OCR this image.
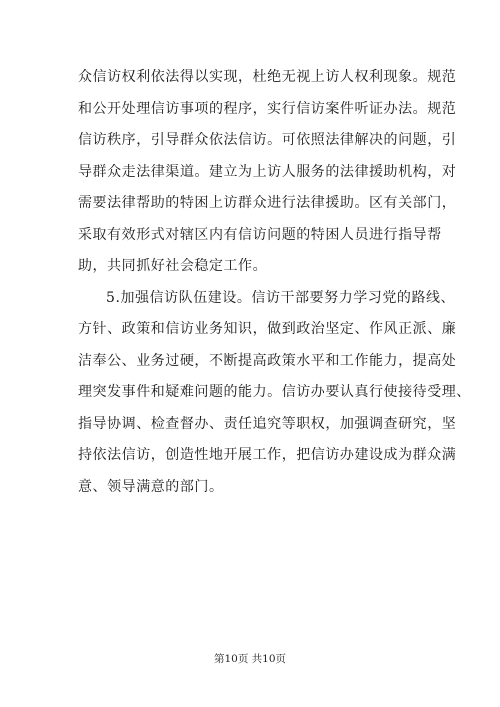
众信访权利依法得以实现，杜绝无视上访人权利现象。规范
和公开处理信访事项的程序，实行信访案件听证办法。规范
信访秩序，引导群众依法信访。可依照法律解决的问题，引
导群众走法律渠道。建立为上访人服务的法律援助机构，对
需要法律帮助的特困上访群众进行法律援助。区有关部门，
采取有效形式对辖区内有信访问题的特困人员进行指导帮
助，共同抓好社会稳定工作。
5.加强信访队伍建设。信访干部要努力学习党的路线、
方针、政策和信访业务知识，做到政治坚定、作风正派、廉
洁奉公、业务过硬，不断提高政策水平和工作能力，提高处
理突发事件和疑难问题的能力。信访办要认真行使接待受理、
指导协调、检查督办、责任追究等职权，加强调查研究，坚
持依法信访，创造性地开展工作，把信访办建设成为群众满
意、领导满意的部门。
第10页 共10页
